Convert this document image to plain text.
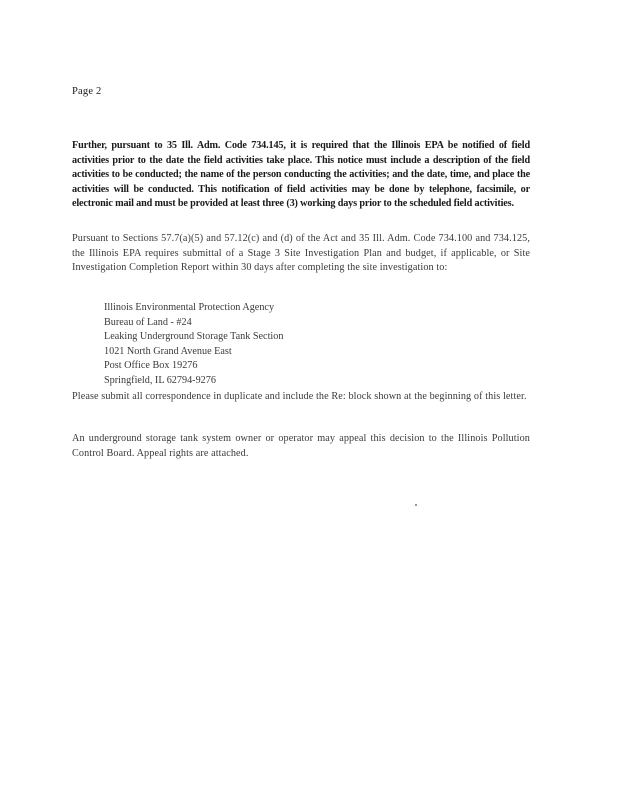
Page 2

Further, pursuant to 35 Ill. Adm. Code 734.145, it is required that the Illinois EPA be notified of field activities prior to the date the field activities take place. This notice must include a description of the field activities to be conducted; the name of the person conducting the activities; and the date, time, and place the activities will be conducted. This notification of field activities may be done by telephone, facsimile, or electronic mail and must be provided at least three (3) working days prior to the scheduled field activities.

Pursuant to Sections 57.7(a)(5) and 57.12(c) and (d) of the Act and 35 Ill. Adm. Code 734.100 and 734.125, the Illinois EPA requires submittal of a Stage 3 Site Investigation Plan and budget, if applicable, or Site Investigation Completion Report within 30 days after completing the site investigation to:

Illinois Environmental Protection Agency
Bureau of Land - #24
Leaking Underground Storage Tank Section
1021 North Grand Avenue East
Post Office Box 19276
Springfield, IL 62794-9276

Please submit all correspondence in duplicate and include the Re: block shown at the beginning of this letter.

An underground storage tank system owner or operator may appeal this decision to the Illinois Pollution Control Board. Appeal rights are attached.
